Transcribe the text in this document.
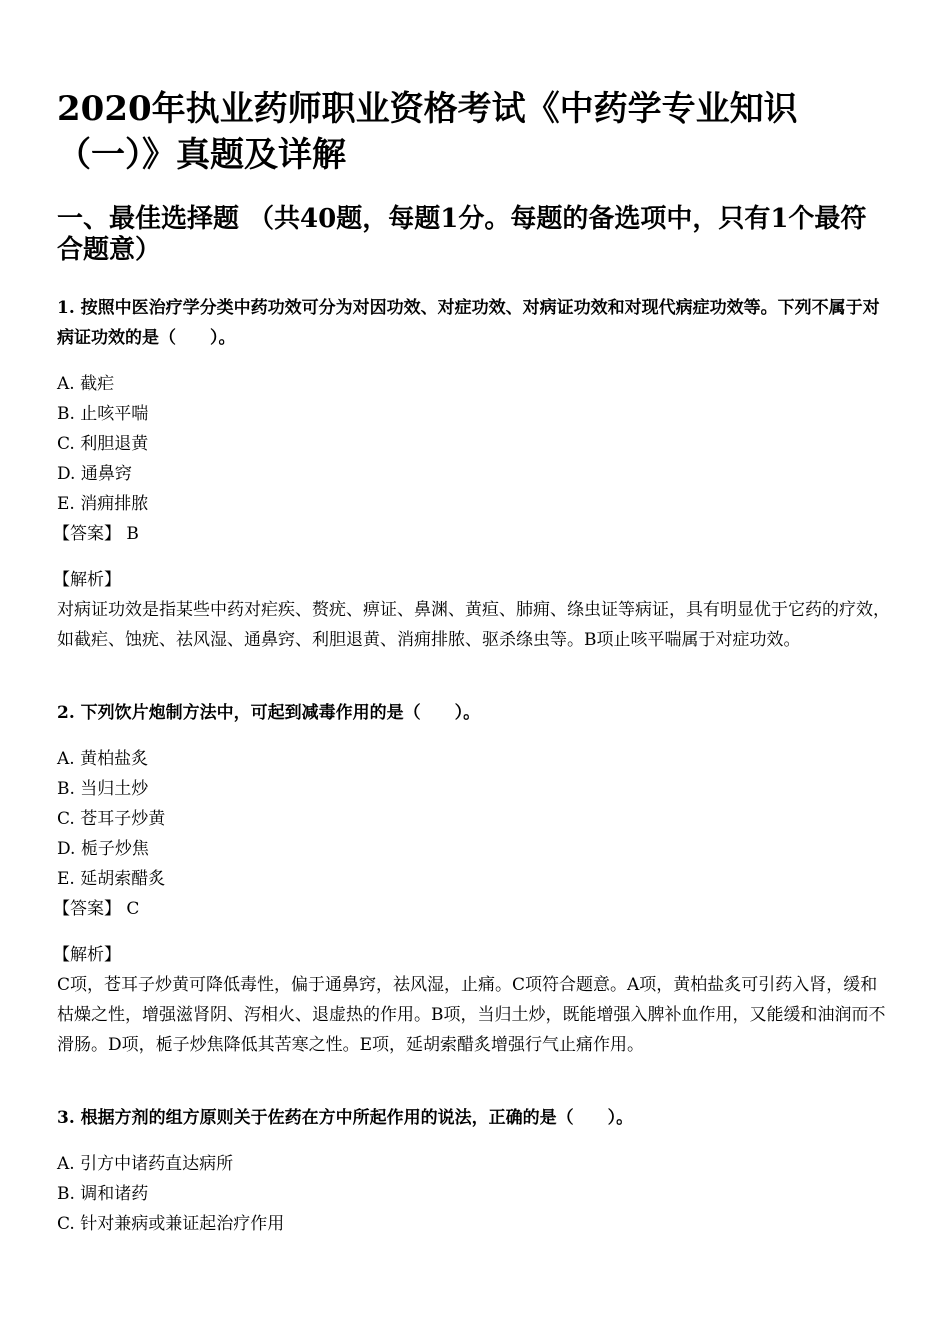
2020年执业药师职业资格考试《中药学专业知识（一）》真题及详解
一、最佳选择题 （共40题，每题1分。每题的备选项中，只有1个最符合题意）

1. 按照中医治疗学分类中药功效可分为对因功效、对症功效、对病证功效和对现代病症功效等。下列不属于对病证功效的是（　　）。

A. 截疟
B. 止咳平喘
C. 利胆退黄
D. 通鼻窍
E. 消痈排脓
【答案】 B
【解析】

对病证功效是指某些中药对疟疾、赘疣、痹证、鼻渊、黄疸、肺痈、绦虫证等病证，具有明显优于它药的疗效，如截疟、蚀疣、祛风湿、通鼻窍、利胆退黄、消痈排脓、驱杀绦虫等。B项止咳平喘属于对症功效。

2. 下列饮片炮制方法中，可起到减毒作用的是（　　）。

A. 黄柏盐炙
B. 当归土炒
C. 苍耳子炒黄
D. 栀子炒焦
E. 延胡索醋炙
【答案】 C
【解析】

C项，苍耳子炒黄可降低毒性，偏于通鼻窍，祛风湿，止痛。C项符合题意。A项，黄柏盐炙可引药入肾，缓和枯燥之性，增强滋肾阴、泻相火、退虚热的作用。B项，当归土炒，既能增强入脾补血作用，又能缓和油润而不滑肠。D项，栀子炒焦降低其苦寒之性。E项，延胡索醋炙增强行气止痛作用。

3. 根据方剂的组方原则关于佐药在方中所起作用的说法，正确的是（　　）。

A. 引方中诸药直达病所
B. 调和诸药
C. 针对兼病或兼证起治疗作用
